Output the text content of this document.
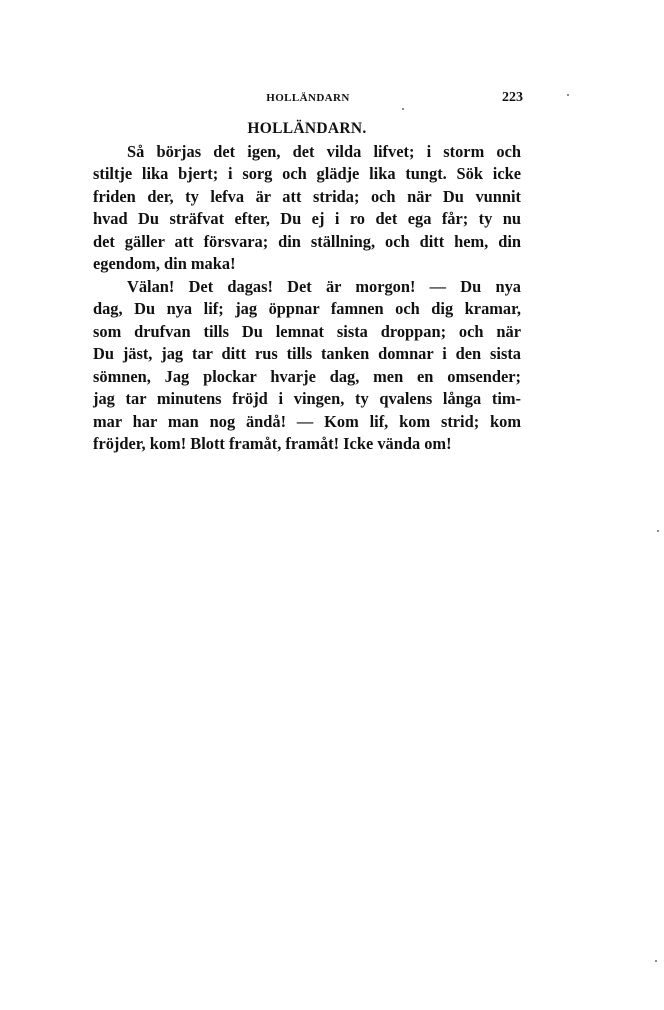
HOLLÄNDARN	223

HOLLÄNDARN.

Så börjas det igen, det vilda lifvet; i storm och
stiltje lika bjert; i sorg och glädje lika tungt. Sök icke
friden der, ty lefva är att strida; och när Du vunnit
hvad Du sträfvat efter, Du ej i ro det ega får; ty nu
det gäller att försvara; din ställning, och ditt hem, din
egendom, din maka!

Välan! Det dagas! Det är morgon! — Du nya
dag, Du nya lif; jag öppnar famnen och dig kramar,
som drufvan tills Du lemnat sista droppan; och när
Du jäst, jag tar ditt rus tills tanken domnar i den sista
sömnen, Jag plockar hvarje dag, men en omsender;
jag tar minutens fröjd i vingen, ty qvalens långa tim-
mar har man nog ändå! — Kom lif, kom strid; kom
fröjder, kom! Blott framåt, framåt! Icke vända om!
